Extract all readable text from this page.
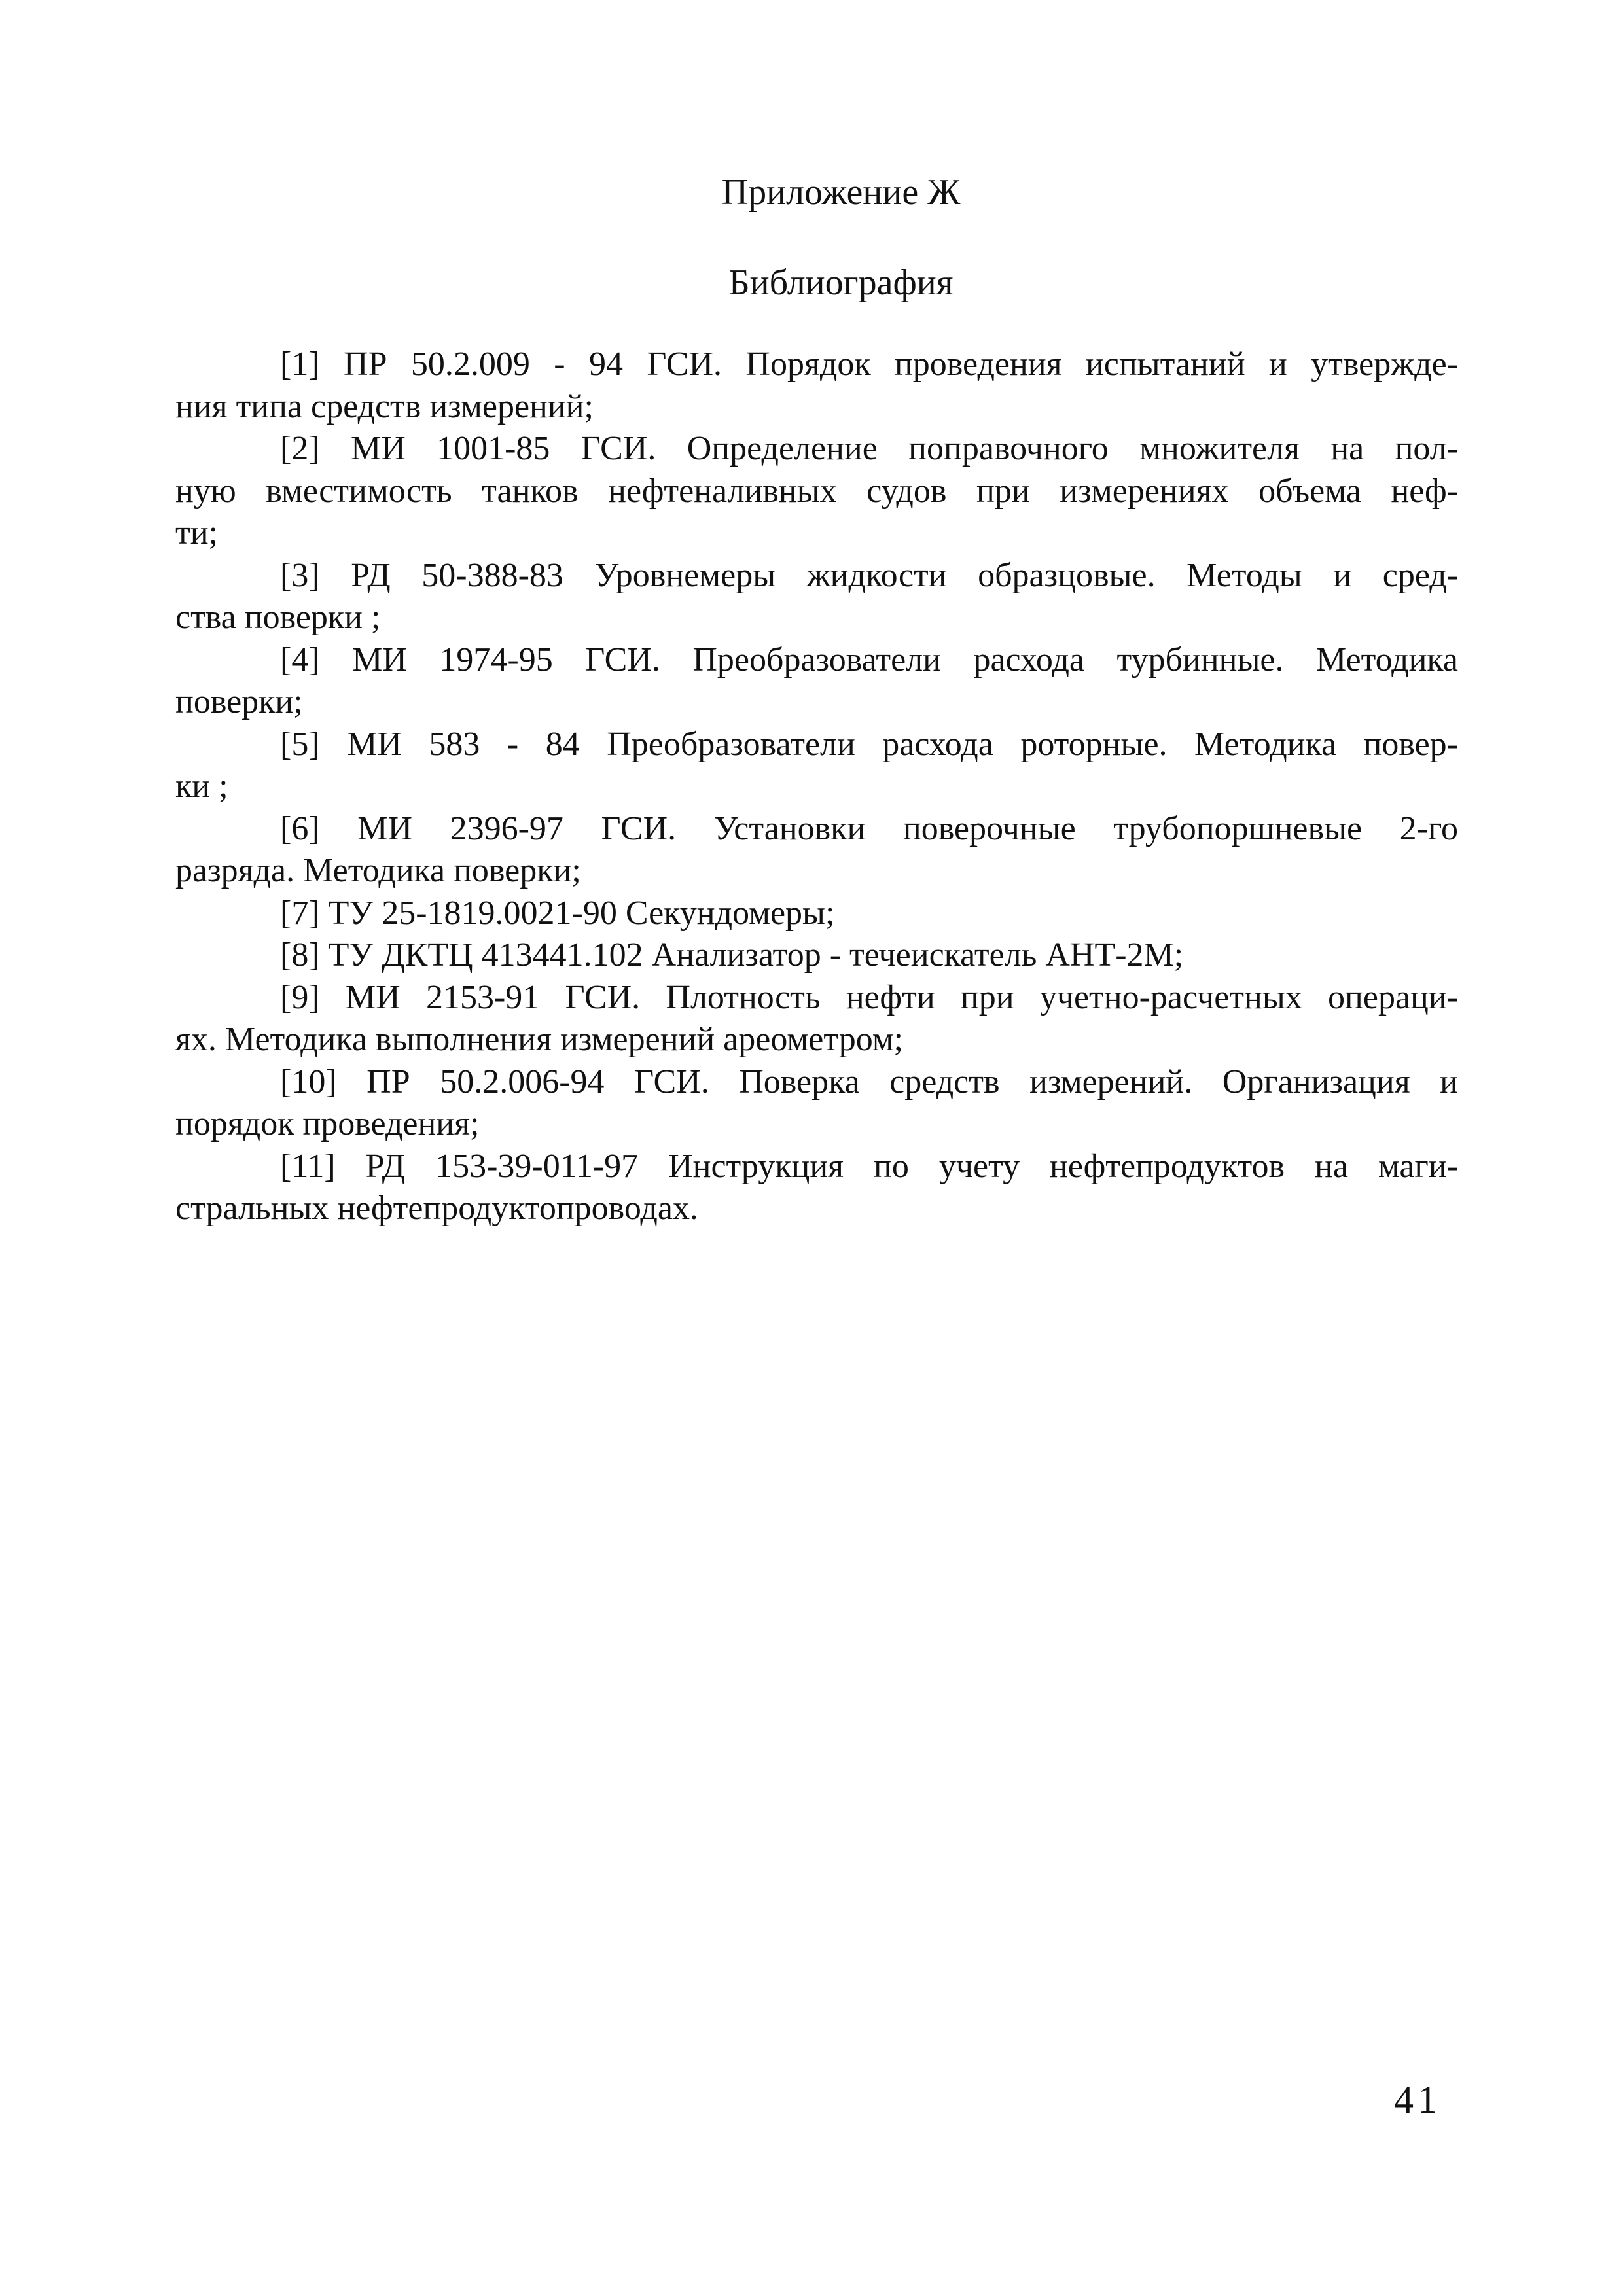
Приложение Ж
Библиография
[1] ПР 50.2.009 - 94 ГСИ. Порядок проведения испытаний и утвержде-
ния типа средств измерений;
[2] МИ 1001-85 ГСИ. Определение поправочного множителя на пол-
ную вместимость танков нефтеналивных судов при измерениях объема неф-
ти;
[3] РД 50-388-83 Уровнемеры жидкости образцовые. Методы и сред-
ства поверки ;
[4] МИ 1974-95 ГСИ. Преобразователи расхода турбинные. Методика
поверки;
[5] МИ 583 - 84 Преобразователи расхода роторные. Методика повер-
ки ;
[6] МИ 2396-97 ГСИ. Установки поверочные трубопоршневые 2-го
разряда. Методика поверки;
[7] ТУ 25-1819.0021-90 Секундомеры;
[8] ТУ ДКТЦ 413441.102 Анализатор - течеискатель АНТ-2М;
[9] МИ 2153-91 ГСИ. Плотность нефти при учетно-расчетных операци-
ях. Методика выполнения измерений ареометром;
[10] ПР 50.2.006-94 ГСИ. Поверка средств измерений. Организация и
порядок проведения;
[11] РД 153-39-011-97 Инструкция по учету нефтепродуктов на маги-
стральных нефтепродуктопроводах.
41
